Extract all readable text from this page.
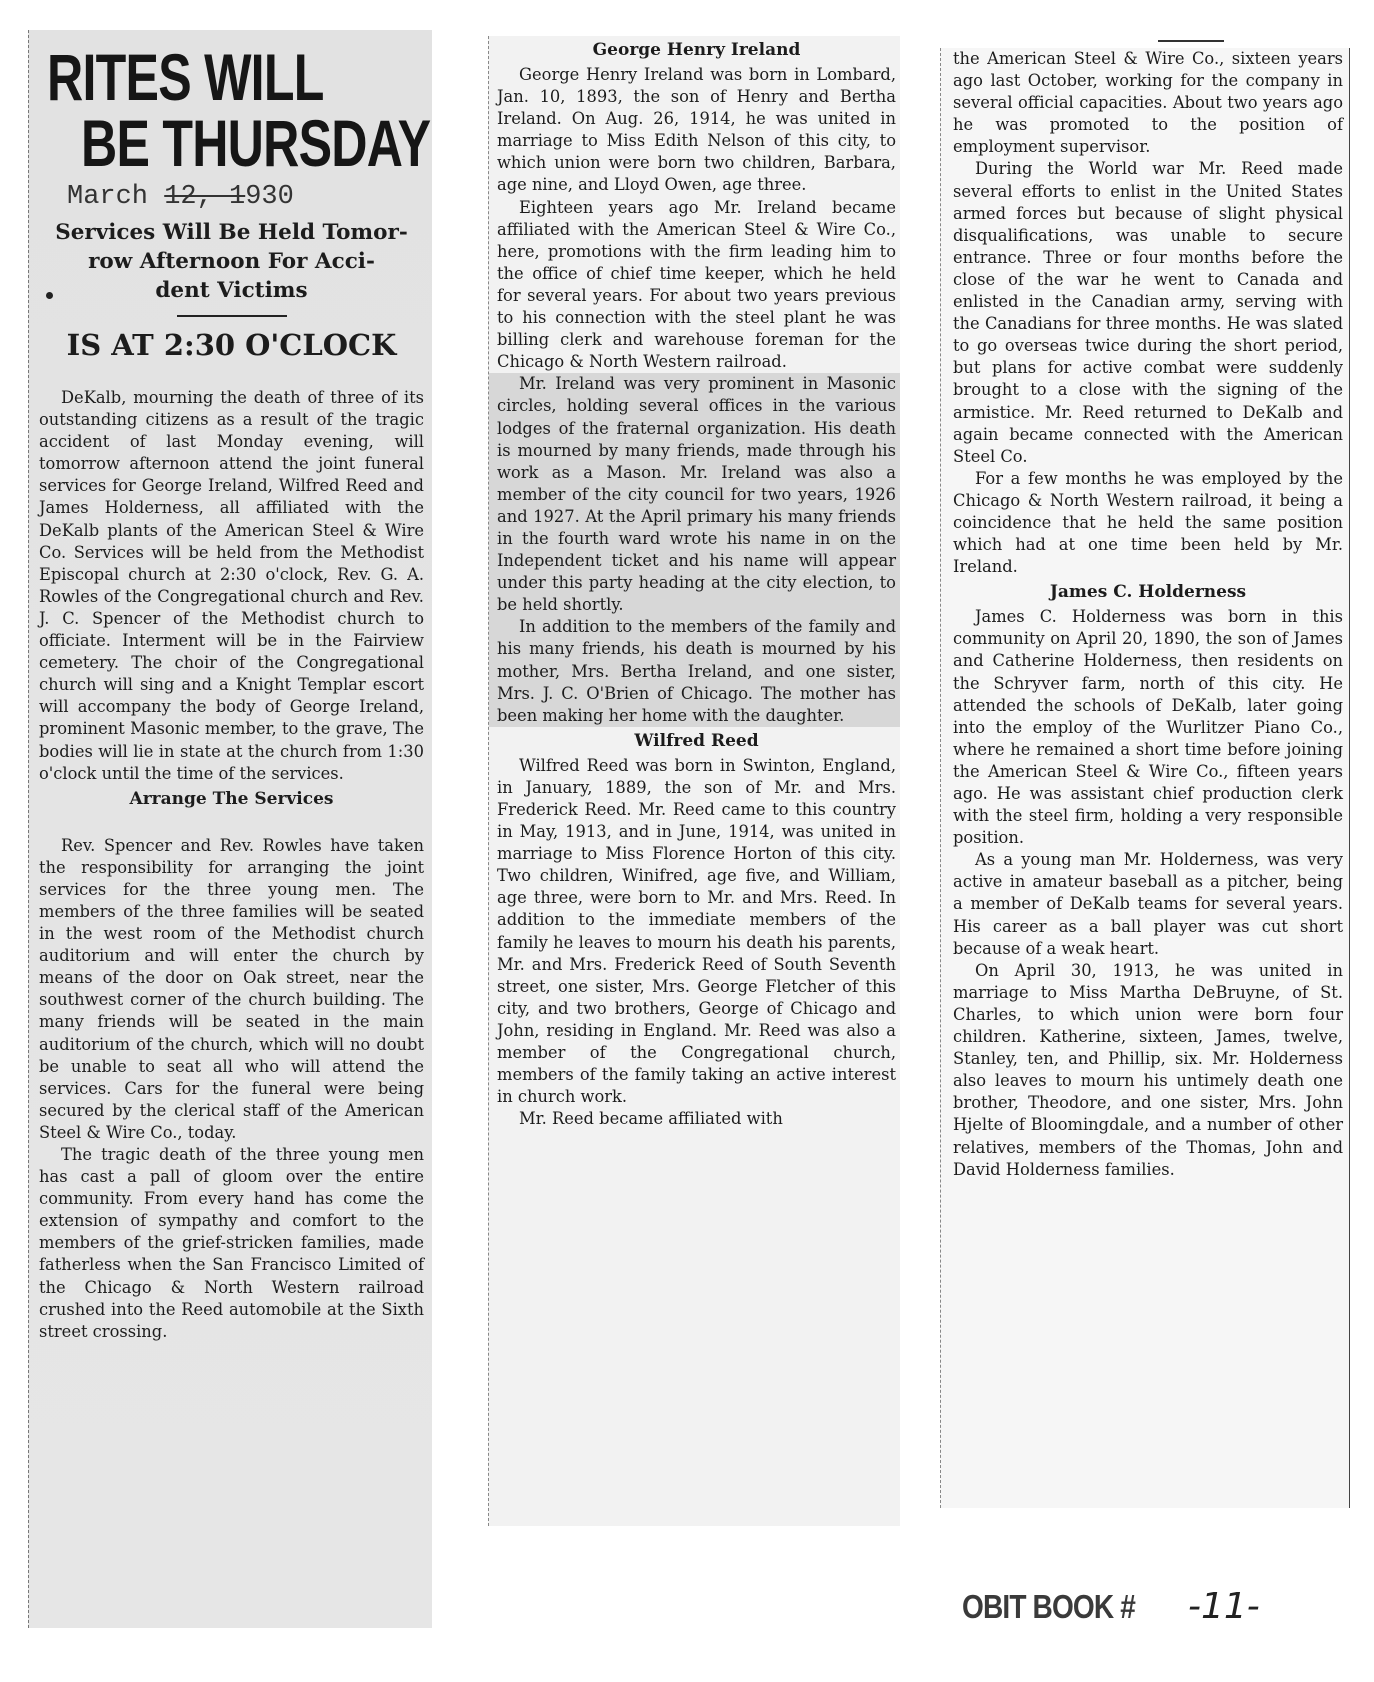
RITES WILL
BE THURSDAY
March 12, 1930
Services Will Be Held Tomor-
row Afternoon For Acci-
dent Victims
IS AT 2:30 O'CLOCK

DeKalb, mourning the death of three of its outstanding citizens as a result of the tragic accident of last Monday evening, will tomorrow afternoon attend the joint funeral services for George Ireland, Wilfred Reed and James Holderness, all affiliated with the DeKalb plants of the American Steel & Wire Co. Services will be held from the Methodist Episcopal church at 2:30 o'clock, Rev. G. A. Rowles of the Congregational church and Rev. J. C. Spencer of the Methodist church to officiate. Interment will be in the Fairview cemetery. The choir of the Congregational church will sing and a Knight Templar escort will accompany the body of George Ireland, prominent Masonic member, to the grave, The bodies will lie in state at the church from 1:30 o'clock until the time of the services.

Arrange The Services

Rev. Spencer and Rev. Rowles have taken the responsibility for arranging the joint services for the three young men. The members of the three families will be seated in the west room of the Methodist church auditorium and will enter the church by means of the door on Oak street, near the southwest corner of the church building. The many friends will be seated in the main auditorium of the church, which will no doubt be unable to seat all who will attend the services. Cars for the funeral were being secured by the clerical staff of the American Steel & Wire Co., today.

The tragic death of the three young men has cast a pall of gloom over the entire community. From every hand has come the extension of sympathy and comfort to the members of the grief-stricken families, made fatherless when the San Francisco Limited of the Chicago & North Western railroad crushed into the Reed automobile at the Sixth street crossing.

George Henry Ireland

George Henry Ireland was born in Lombard, Jan. 10, 1893, the son of Henry and Bertha Ireland. On Aug. 26, 1914, he was united in marriage to Miss Edith Nelson of this city, to which union were born two children, Barbara, age nine, and Lloyd Owen, age three.

Eighteen years ago Mr. Ireland became affiliated with the American Steel & Wire Co., here, promotions with the firm leading him to the office of chief time keeper, which he held for several years. For about two years previous to his connection with the steel plant he was billing clerk and warehouse foreman for the Chicago & North Western railroad.

Mr. Ireland was very prominent in Masonic circles, holding several offices in the various lodges of the fraternal organization. His death is mourned by many friends, made through his work as a Mason. Mr. Ireland was also a member of the city council for two years, 1926 and 1927. At the April primary his many friends in the fourth ward wrote his name in on the Independent ticket and his name will appear under this party heading at the city election, to be held shortly.

In addition to the members of the family and his many friends, his death is mourned by his mother, Mrs. Bertha Ireland, and one sister, Mrs. J. C. O'Brien of Chicago. The mother has been making her home with the daughter.

Wilfred Reed

Wilfred Reed was born in Swinton, England, in January, 1889, the son of Mr. and Mrs. Frederick Reed. Mr. Reed came to this country in May, 1913, and in June, 1914, was united in marriage to Miss Florence Horton of this city. Two children, Winifred, age five, and William, age three, were born to Mr. and Mrs. Reed. In addition to the immediate members of the family he leaves to mourn his death his parents, Mr. and Mrs. Frederick Reed of South Seventh street, one sister, Mrs. George Fletcher of this city, and two brothers, George of Chicago and John, residing in England. Mr. Reed was also a member of the Congregational church, members of the family taking an active interest in church work.

Mr. Reed became affiliated with

the American Steel & Wire Co., sixteen years ago last October, working for the company in several official capacities. About two years ago he was promoted to the position of employment supervisor.

During the World war Mr. Reed made several efforts to enlist in the United States armed forces but because of slight physical disqualifications, was unable to secure entrance. Three or four months before the close of the war he went to Canada and enlisted in the Canadian army, serving with the Canadians for three months. He was slated to go overseas twice during the short period, but plans for active combat were suddenly brought to a close with the signing of the armistice. Mr. Reed returned to DeKalb and again became connected with the American Steel Co.

For a few months he was employed by the Chicago & North Western railroad, it being a coincidence that he held the same position which had at one time been held by Mr. Ireland.

James C. Holderness

James C. Holderness was born in this community on April 20, 1890, the son of James and Catherine Holderness, then residents on the Schryver farm, north of this city. He attended the schools of DeKalb, later going into the employ of the Wurlitzer Piano Co., where he remained a short time before joining the American Steel & Wire Co., fifteen years ago. He was assistant chief production clerk with the steel firm, holding a very responsible position.

As a young man Mr. Holderness, was very active in amateur baseball as a pitcher, being a member of DeKalb teams for several years. His career as a ball player was cut short because of a weak heart.

On April 30, 1913, he was united in marriage to Miss Martha DeBruyne, of St. Charles, to which union were born four children. Katherine, sixteen, James, twelve, Stanley, ten, and Phillip, six. Mr. Holderness also leaves to mourn his untimely death one brother, Theodore, and one sister, Mrs. John Hjelte of Bloomingdale, and a number of other relatives, members of the Thomas, John and David Holderness families.

OBIT BOOK # -11-
